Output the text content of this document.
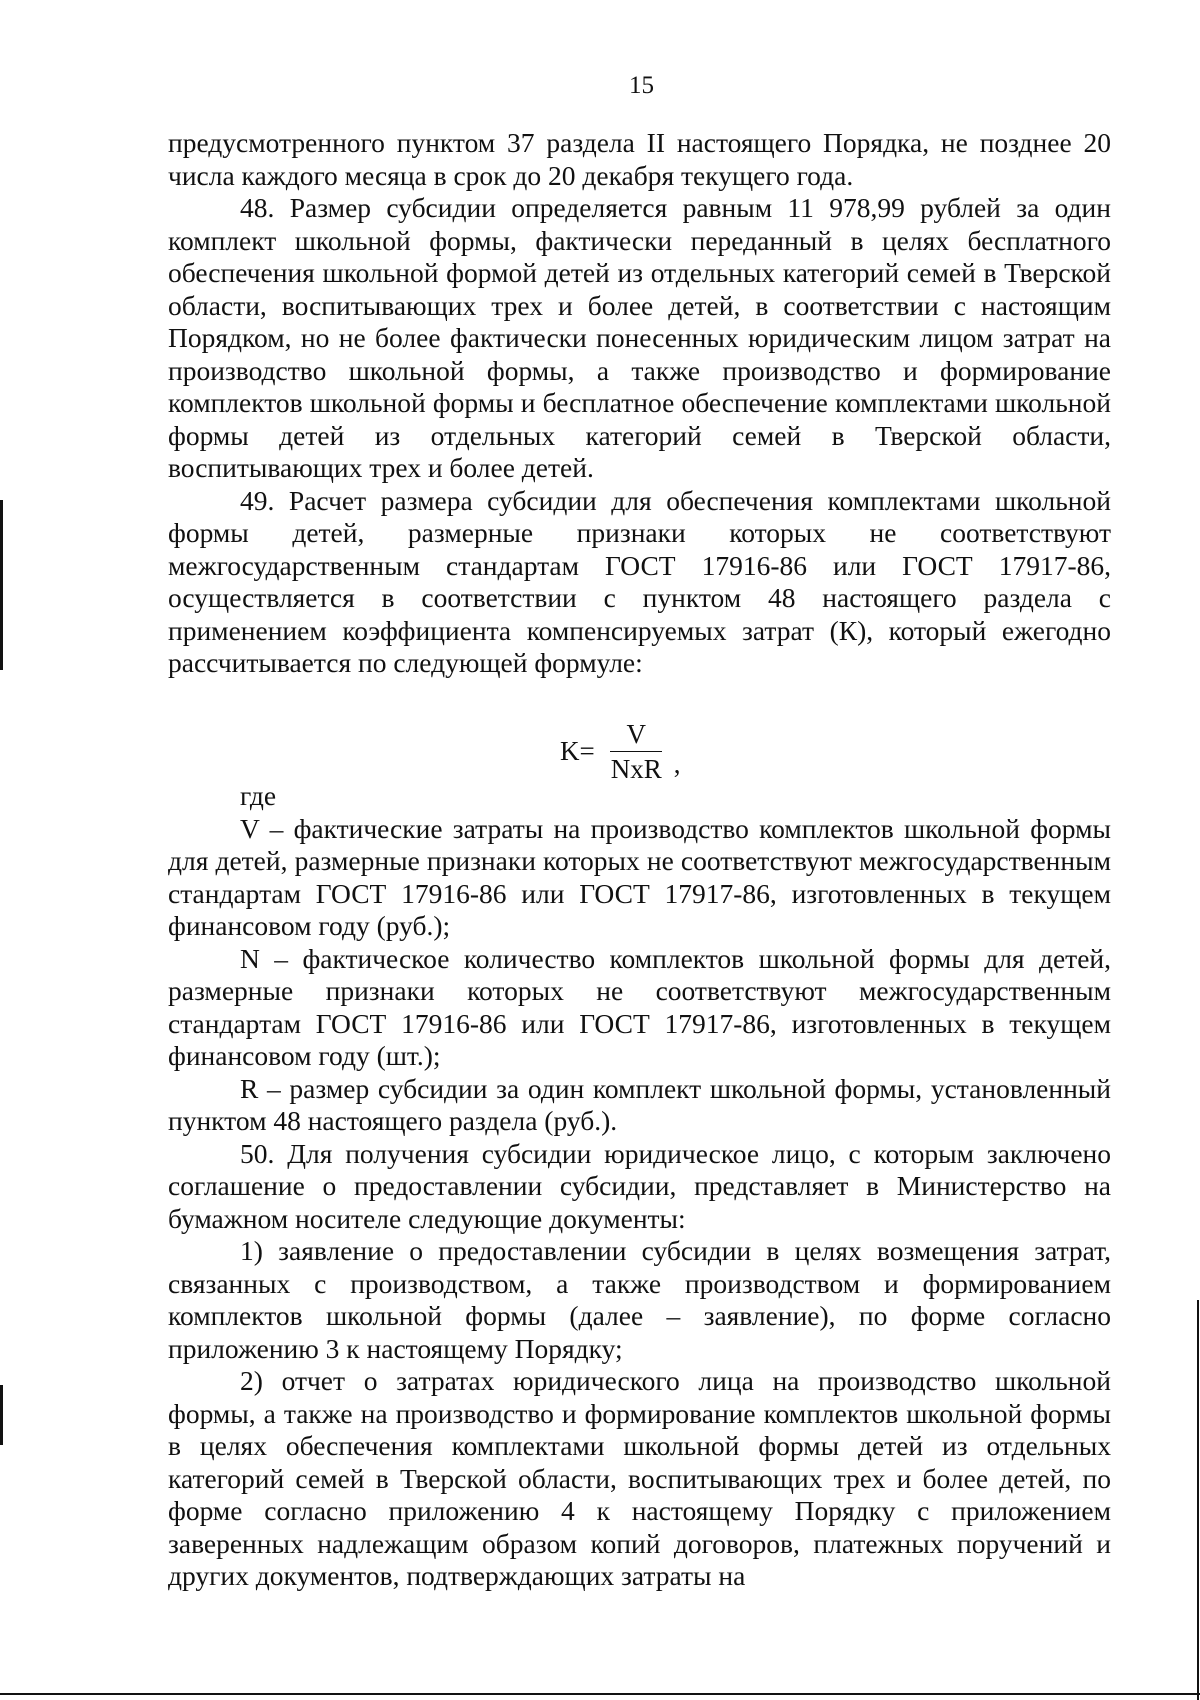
15

предусмотренного пунктом 37 раздела II настоящего Порядка, не позднее 20 числа каждого месяца в срок до 20 декабря текущего года.

48. Размер субсидии определяется равным 11 978,99 рублей за один комплект школьной формы, фактически переданный в целях бесплатного обеспечения школьной формой детей из отдельных категорий семей в Тверской области, воспитывающих трех и более детей, в соответствии с настоящим Порядком, но не более фактически понесенных юридическим лицом затрат на производство школьной формы, а также производство и формирование комплектов школьной формы и бесплатное обеспечение комплектами школьной формы детей из отдельных категорий семей в Тверской области, воспитывающих трех и более детей.

49. Расчет размера субсидии для обеспечения комплектами школьной формы детей, размерные признаки которых не соответствуют межгосударственным стандартам ГОСТ 17916-86 или ГОСТ 17917-86, осуществляется в соответствии с пунктом 48 настоящего раздела с применением коэффициента компенсируемых затрат (К), который ежегодно рассчитывается по следующей формуле:

$K= \frac{V}{\text{NxR}}$ ,

где

V – фактические затраты на производство комплектов школьной формы для детей, размерные признаки которых не соответствуют межгосударственным стандартам ГОСТ 17916-86 или ГОСТ 17917-86, изготовленных в текущем финансовом году (руб.);

N – фактическое количество комплектов школьной формы для детей, размерные признаки которых не соответствуют межгосударственным стандартам ГОСТ 17916-86 или ГОСТ 17917-86, изготовленных в текущем финансовом году (шт.);

R – размер субсидии за один комплект школьной формы, установленный пунктом 48 настоящего раздела (руб.).

50. Для получения субсидии юридическое лицо, с которым заключено соглашение о предоставлении субсидии, представляет в Министерство на бумажном носителе следующие документы:

1) заявление о предоставлении субсидии в целях возмещения затрат, связанных с производством, а также производством и формированием комплектов школьной формы (далее – заявление), по форме согласно приложению 3 к настоящему Порядку;

2) отчет о затратах юридического лица на производство школьной формы, а также на производство и формирование комплектов школьной формы в целях обеспечения комплектами школьной формы детей из отдельных категорий семей в Тверской области, воспитывающих трех и более детей, по форме согласно приложению 4 к настоящему Порядку с приложением заверенных надлежащим образом копий договоров, платежных поручений и других документов, подтверждающих затраты на
